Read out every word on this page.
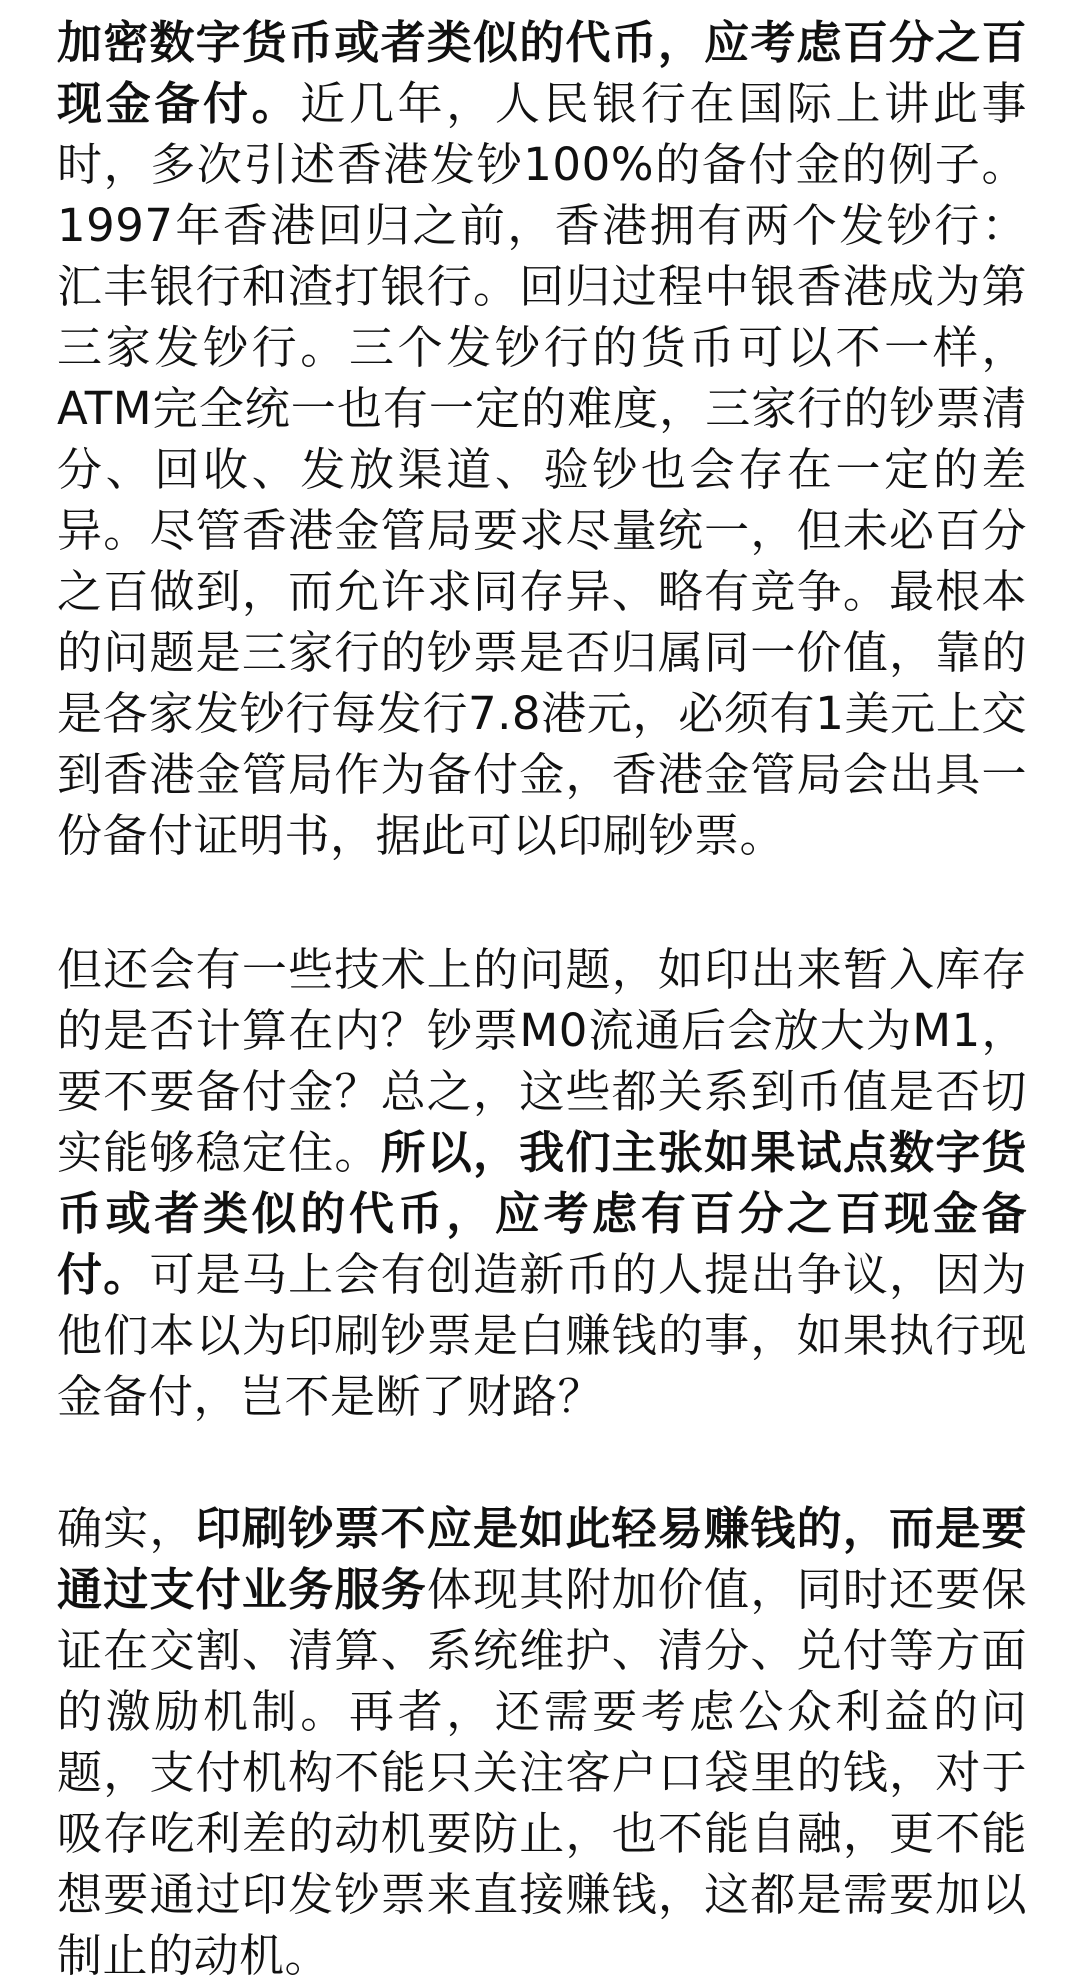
加密数字货币或者类似的代币，应考虑百分之百现金备付。近几年，人民银行在国际上讲此事时，多次引述香港发钞100%的备付金的例子。1997年香港回归之前，香港拥有两个发钞行：汇丰银行和渣打银行。回归过程中银香港成为第三家发钞行。三个发钞行的货币可以不一样，ATM完全统一也有一定的难度，三家行的钞票清分、回收、发放渠道、验钞也会存在一定的差异。尽管香港金管局要求尽量统一，但未必百分之百做到，而允许求同存异、略有竞争。最根本的问题是三家行的钞票是否归属同一价值，靠的是各家发钞行每发行7.8港元，必须有1美元上交到香港金管局作为备付金，香港金管局会出具一份备付证明书，据此可以印刷钞票。

但还会有一些技术上的问题，如印出来暂入库存的是否计算在内？钞票M0流通后会放大为M1，要不要备付金？总之，这些都关系到币值是否切实能够稳定住。所以，我们主张如果试点数字货币或者类似的代币，应考虑有百分之百现金备付。可是马上会有创造新币的人提出争议，因为他们本以为印刷钞票是白赚钱的事，如果执行现金备付，岂不是断了财路？

确实，印刷钞票不应是如此轻易赚钱的，而是要通过支付业务服务体现其附加价值，同时还要保证在交割、清算、系统维护、清分、兑付等方面的激励机制。再者，还需要考虑公众利益的问题，支付机构不能只关注客户口袋里的钱，对于吸存吃利差的动机要防止，也不能自融，更不能想要通过印发钞票来直接赚钱，这都是需要加以制止的动机。
